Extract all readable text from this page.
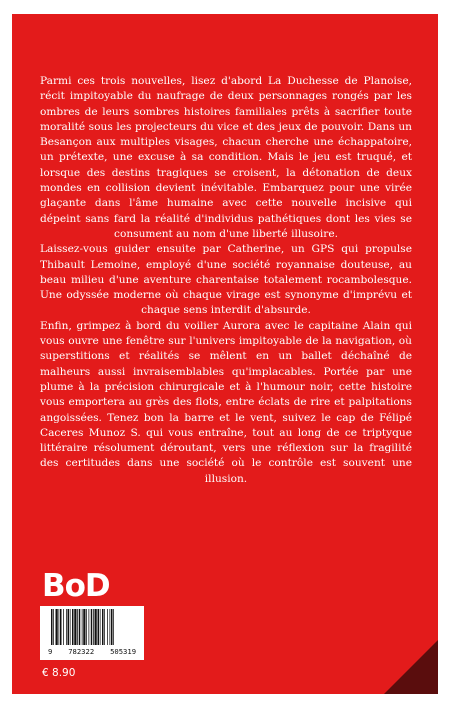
Parmi ces trois nouvelles, lisez d'abord La Duchesse de Planoise, récit impitoyable du naufrage de deux personnages rongés par les ombres de leurs sombres histoires familiales prêts à sacrifier toute moralité sous les projecteurs du vice et des jeux de pouvoir. Dans un Besançon aux multiples visages, chacun cherche une échappatoire, un prétexte, une excuse à sa condition. Mais le jeu est truqué, et lorsque des destins tragiques se croisent, la détonation de deux mondes en collision devient inévitable. Embarquez pour une virée glaçante dans l'âme humaine avec cette nouvelle incisive qui dépeint sans fard la réalité d'individus pathétiques dont les vies se consument au nom d'une liberté illusoire.

Laissez-vous guider ensuite par Catherine, un GPS qui propulse Thibault Lemoine, employé d'une société royannaise douteuse, au beau milieu d'une aventure charentaise totalement rocambolesque. Une odyssée moderne où chaque virage est synonyme d'imprévu et chaque sens interdit d'absurde.

Enfin, grimpez à bord du voilier Aurora avec le capitaine Alain qui vous ouvre une fenêtre sur l'univers impitoyable de la navigation, où superstitions et réalités se mêlent en un ballet déchaîné de malheurs aussi invraisemblables qu'implacables. Portée par une plume à la précision chirurgicale et à l'humour noir, cette histoire vous emportera au grès des flots, entre éclats de rire et palpitations angoissées. Tenez bon la barre et le vent, suivez le cap de Félipé Caceres Munoz S. qui vous entraîne, tout au long de ce triptyque littéraire résolument déroutant, vers une réflexion sur la fragilité des certitudes dans une société où le contrôle est souvent une illusion.

BoD
9 782322 505319
€ 8.90
